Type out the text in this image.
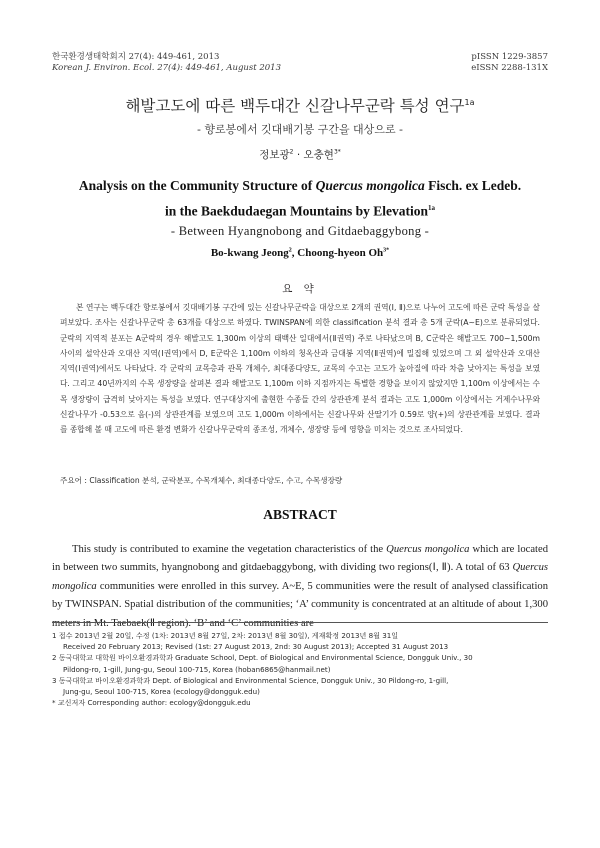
한국환경생태학회지 27(4): 449-461, 2013
Korean J. Environ. Ecol. 27(4): 449-461, August 2013
pISSN 1229-3857
eISSN 2288-131X
해발고도에 따른 백두대간 신갈나무군락 특성 연구$^{1a}$
- 향로봉에서 깃대배기봉 구간을 대상으로 -
정보광$^2$ · 오충현$^{3*}$
Analysis on the Community Structure of Quercus mongolica Fisch. ex Ledeb.
in the Baekdudaegan Mountains by Elevation$^{1a}$
- Between Hyangnobong and Gitdaebaggybong -
Bo-kwang Jeong$^2$, Choong-hyeon $Oh^{3*}$
요 약
본 연구는 백두대간 향로봉에서 깃대배기봉 구간에 있는 신갈나무군락을 대상으로 2개의 권역(Ⅰ, Ⅱ)으로 나누어 고도에 따른 군락 특성을 살펴보았다. 조사는 신갈나무군락 총 63개를 대상으로 하였다. TWINSPAN에 의한 classification 분석 결과 총 5개 군락(A~E)으로 분류되었다. 군락의 지역적 분포는 A군락의 경우 해발고도 1,300m 이상의 태백산 일대에서(Ⅱ권역) 주로 나타났으며 B, C군락은 해발고도 700~1,500m 사이의 설악산과 오대산 지역(Ⅰ권역)에서 D, E군락은 1,100m 이하의 청옥산과 금대봉 지역(Ⅱ권역)에 밀집해 있었으며 그 외 설악산과 오대산 지역(Ⅰ권역)에서도 나타났다. 각 군락의 교목층과 관목 개체수, 최대종다양도, 교목의 수고는 고도가 높아질에 따라 차츰 낮아지는 특성을 보였다. 그리고 40년까지의 수목 생장량을 살펴본 결과 해발고도 1,100m 이하 지점까지는 특별한 경향을 보이지 않았지만 1,100m 이상에서는 수목 생장량이 급격히 낮아지는 특성을 보였다. 연구대상지에 출현한 수종들 간의 상관관계 분석 결과는 고도 1,000m 이상에서는 거제수나무와 신갈나무가 -0.53으로 음(-)의 상관관계를 보였으며 고도 1,000m 이하에서는 신갈나무와 산딸기가 0.59로 양(+)의 상관관계를 보였다. 결과를 종합해 볼 때 고도에 따른 환경 변화가 신갈나무군락의 종조성, 개체수, 생장량 등에 영향을 미치는 것으로 조사되었다.
주요어 : Classification 분석, 군락분포, 수목개체수, 최대종다양도, 수고, 수목생장량
ABSTRACT
This study is contributed to examine the vegetation characteristics of the Quercus mongolica which are located in between two summits, hyangnobong and gitdaebaggybong, with dividing two regions(Ⅰ, Ⅱ). A total of 63 Quercus mongolica communities were enrolled in this survey. A~E, 5 communities were the result of analysed classification by TWINSPAN. Spatial distribution of the communities; ‘A’ community is concentrated at an altitude of about 1,300 meters in Mt. Taebaek(Ⅱ region). ‘B’ and ‘C’ communities are
1 접수 2013년 2월 20일, 수정 (1차: 2013년 8월 27일, 2차: 2013년 8월 30일), 게재확정 2013년 8월 31일
Received 20 February 2013; Revised (1st: 27 August 2013, 2nd: 30 August 2013); Accepted 31 August 2013
2 동국대학교 대학원 바이오환경과학과 Graduate School, Dept. of Biological and Environmental Science, Dongguk Univ., 30
Pildong-ro, 1-gill, Jung-gu, Seoul 100-715, Korea (hoban6865@hanmail.net)
3 동국대학교 바이오환경과학과 Dept. of Biological and Environmental Science, Dongguk Univ., 30 Pildong-ro, 1-gill,
Jung-gu, Seoul 100-715, Korea (ecology@dongguk.edu)
* 교신저자 Corresponding author: ecology@dongguk.edu
